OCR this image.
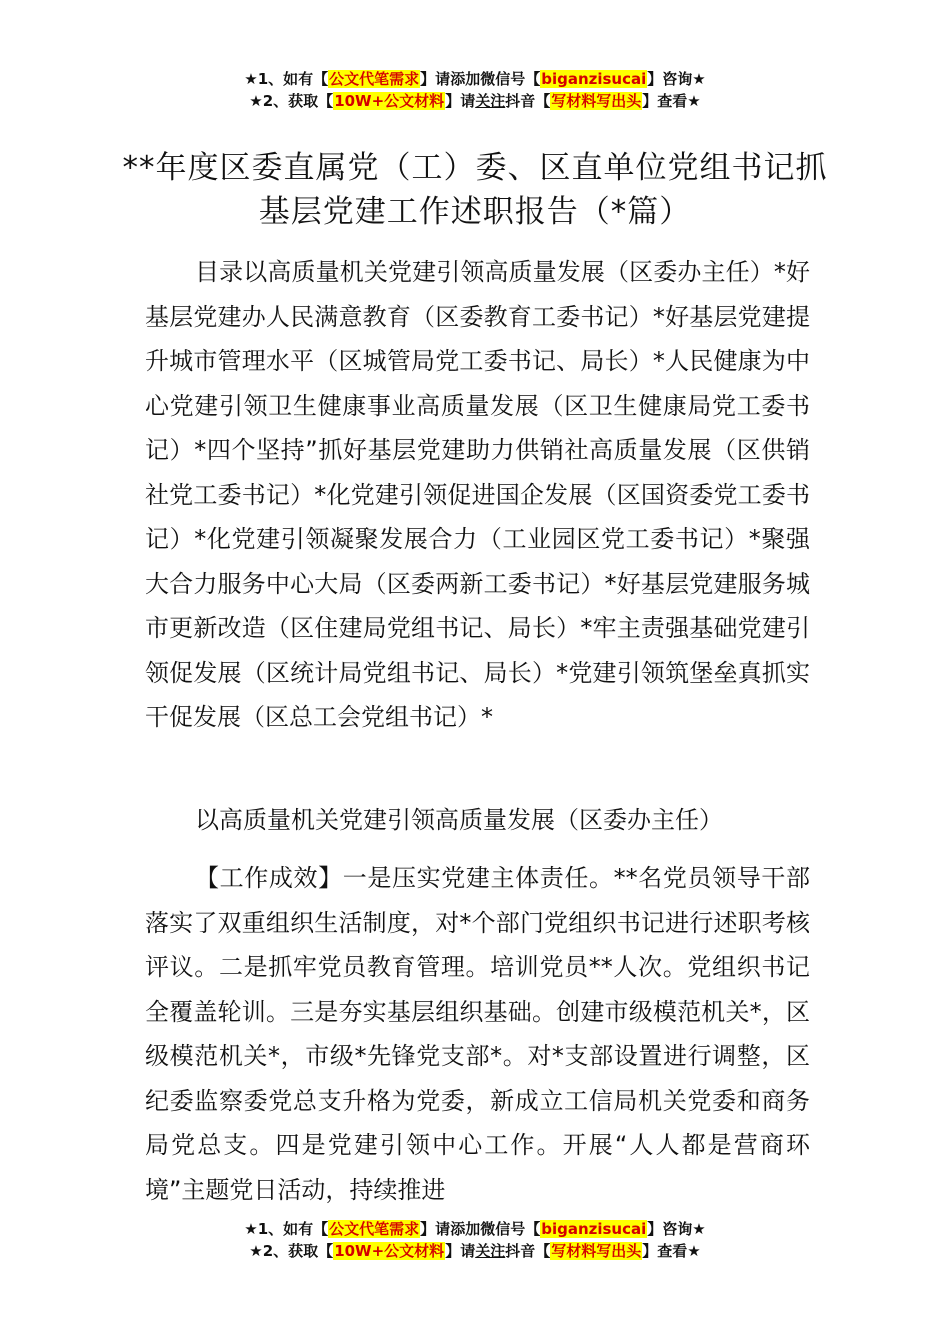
★1、如有【公文代笔需求】请添加微信号【biganzisucai】咨询★
★2、获取【10W+公文材料】请关注抖音【写材料写出头】查看★
**年度区委直属党（工）委、区直单位党组书记抓基层党建工作述职报告（*篇）

目录以高质量机关党建引领高质量发展（区委办主任）*好基层党建办人民满意教育（区委教育工委书记）*好基层党建提升城市管理水平（区城管局党工委书记、局长）*人民健康为中心党建引领卫生健康事业高质量发展（区卫生健康局党工委书记）*四个坚持”抓好基层党建助力供销社高质量发展（区供销社党工委书记）*化党建引领促进国企发展（区国资委党工委书记）*化党建引领凝聚发展合力（工业园区党工委书记）*聚强大合力服务中心大局（区委两新工委书记）*好基层党建服务城市更新改造（区住建局党组书记、局长）*牢主责强基础党建引领促发展（区统计局党组书记、局长）*党建引领筑堡垒真抓实干促发展（区总工会党组书记）*

以高质量机关党建引领高质量发展（区委办主任）

【工作成效】一是压实党建主体责任。**名党员领导干部落实了双重组织生活制度，对*个部门党组织书记进行述职考核评议。二是抓牢党员教育管理。培训党员**人次。党组织书记全覆盖轮训。三是夯实基层组织基础。创建市级模范机关*，区级模范机关*，市级*先锋党支部*。对*支部设置进行调整，区纪委监察委党总支升格为党委，新成立工信局机关党委和商务局党总支。四是党建引领中心工作。开展“人人都是营商环境”主题党日活动，持续推进

★1、如有【公文代笔需求】请添加微信号【biganzisucai】咨询★
★2、获取【10W+公文材料】请关注抖音【写材料写出头】查看★
